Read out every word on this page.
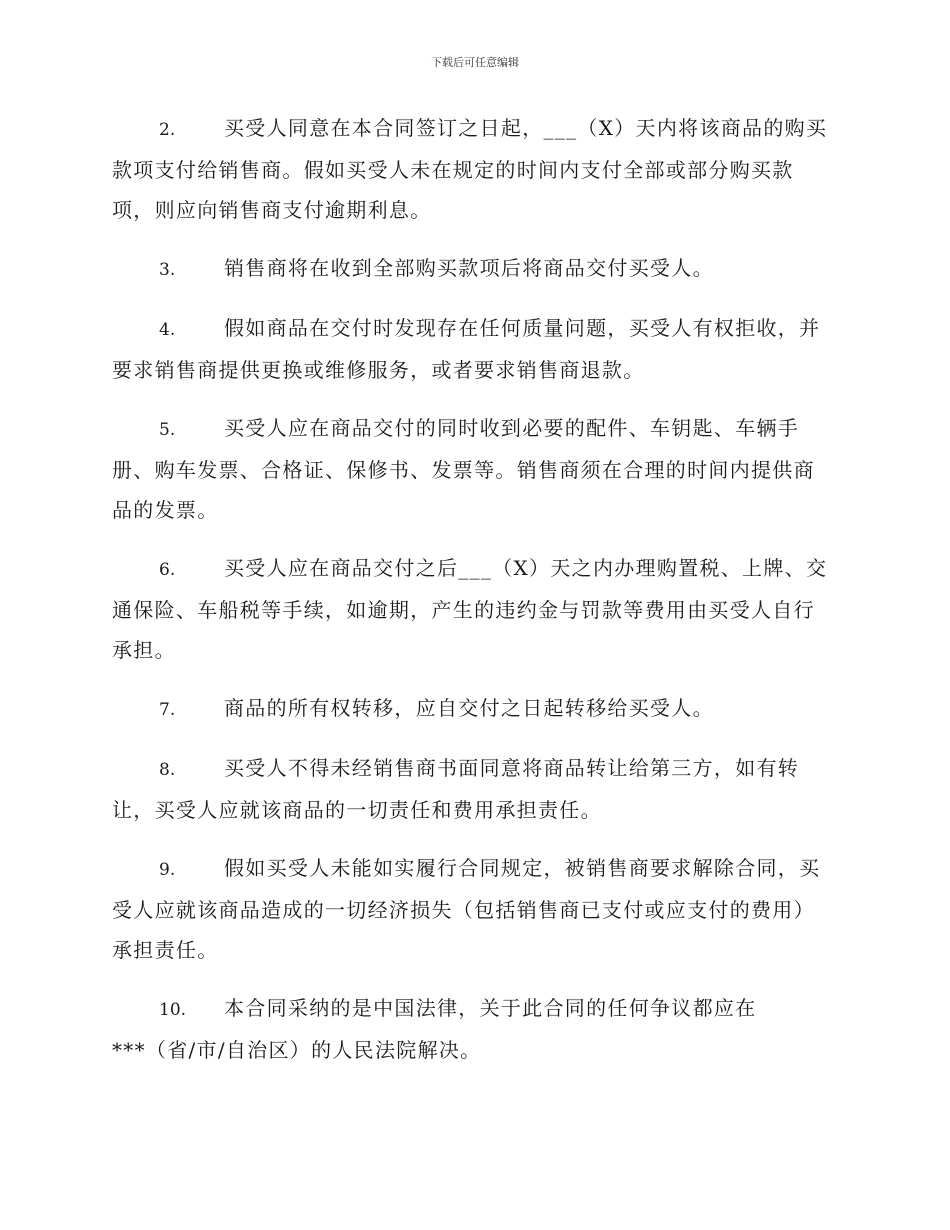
下载后可任意编辑
2. 买受人同意在本合同签订之日起，___（X）天内将该商品的购买
款项支付给销售商。假如买受人未在规定的时间内支付全部或部分购买款
项，则应向销售商支付逾期利息。
3. 销售商将在收到全部购买款项后将商品交付买受人。
4. 假如商品在交付时发现存在任何质量问题，买受人有权拒收，并
要求销售商提供更换或维修服务，或者要求销售商退款。
5. 买受人应在商品交付的同时收到必要的配件、车钥匙、车辆手
册、购车发票、合格证、保修书、发票等。销售商须在合理的时间内提供商
品的发票。
6. 买受人应在商品交付之后___（X）天之内办理购置税、上牌、交
通保险、车船税等手续，如逾期，产生的违约金与罚款等费用由买受人自行
承担。
7. 商品的所有权转移，应自交付之日起转移给买受人。
8. 买受人不得未经销售商书面同意将商品转让给第三方，如有转
让，买受人应就该商品的一切责任和费用承担责任。
9. 假如买受人未能如实履行合同规定，被销售商要求解除合同，买
受人应就该商品造成的一切经济损失（包括销售商已支付或应支付的费用）
承担责任。
10. 本合同采纳的是中国法律，关于此合同的任何争议都应在
***（省/市/自治区）的人民法院解决。
